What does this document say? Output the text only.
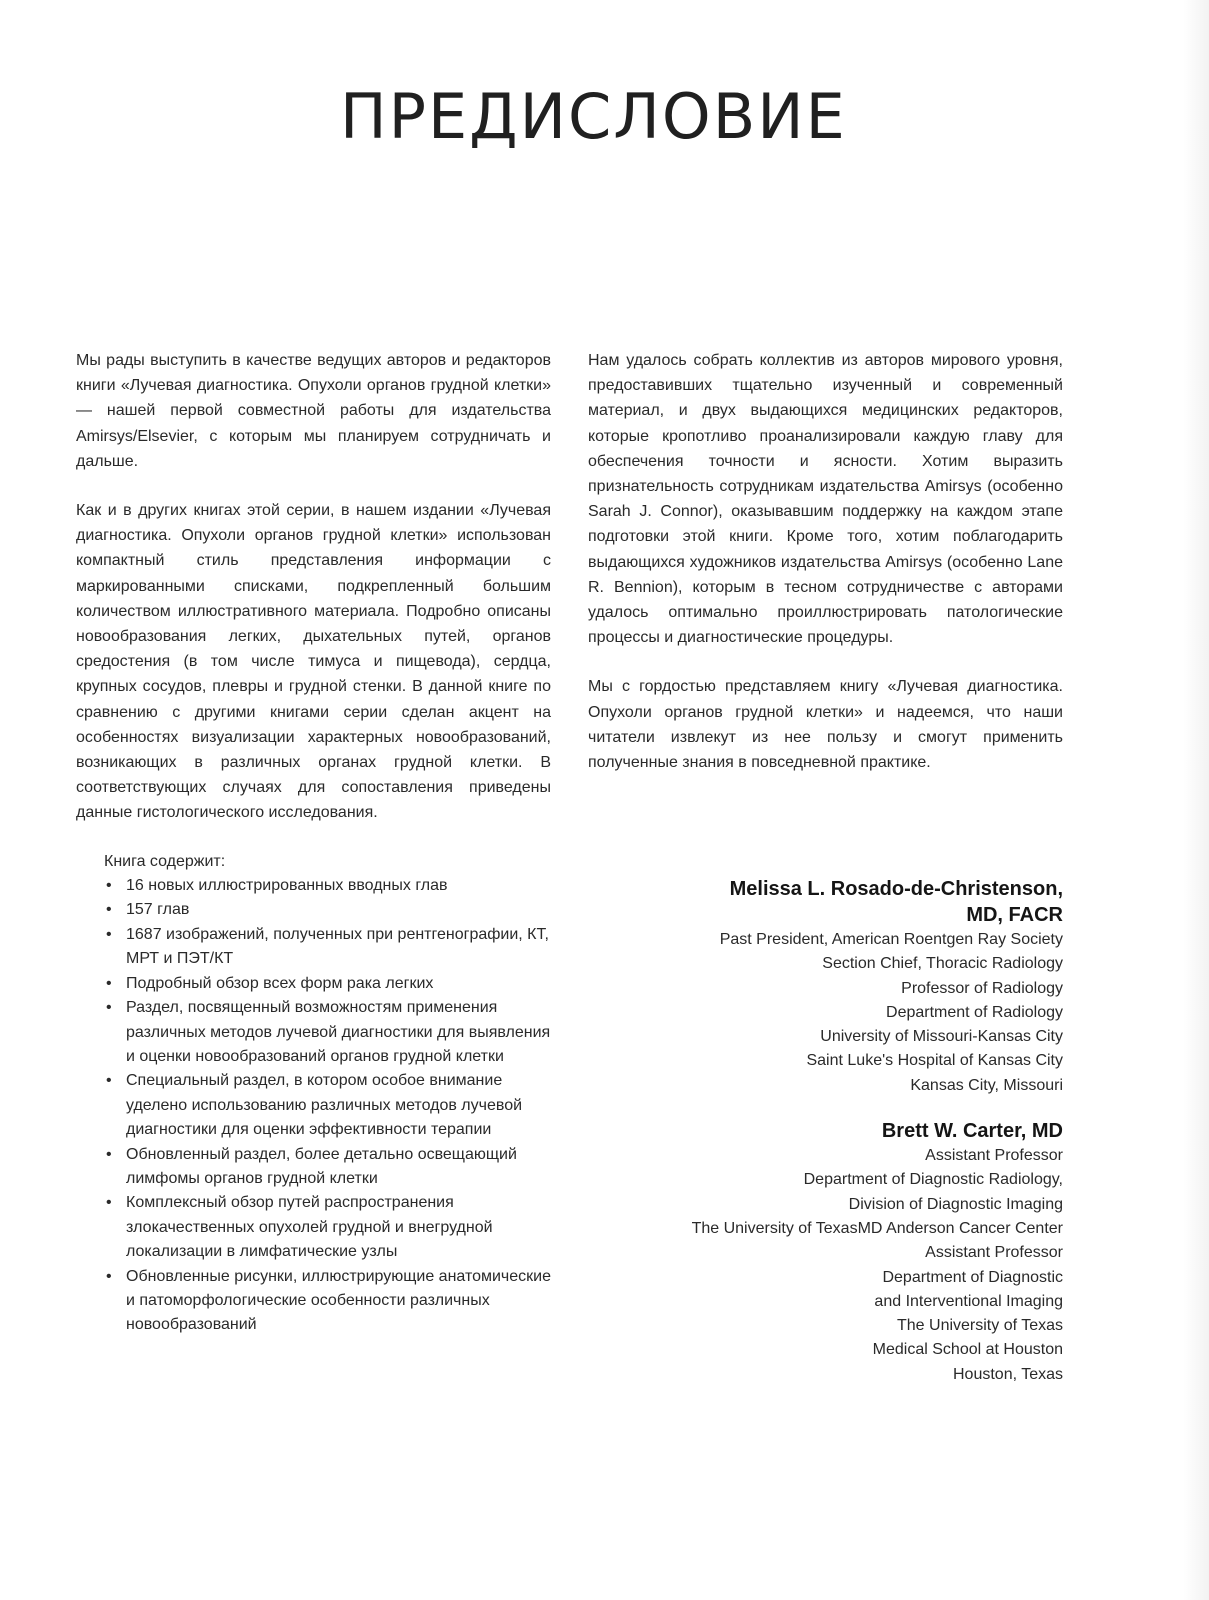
ПРЕДИСЛОВИЕ

Мы рады выступить в качестве ведущих авторов и редакторов книги «Лучевая диагностика. Опухоли органов грудной клетки» — нашей первой совместной работы для издательства Amirsys/Elsevier, с которым мы планируем сотрудничать и дальше.

Как и в других книгах этой серии, в нашем издании «Лучевая диагностика. Опухоли органов грудной клетки» использован компактный стиль представления информации с маркированными списками, подкрепленный большим количеством иллюстративного материала. Подробно описаны новообразования легких, дыхательных путей, органов средостения (в том числе тимуса и пищевода), сердца, крупных сосудов, плевры и грудной стенки. В данной книге по сравнению с другими книгами серии сделан акцент на особенностях визуализации характерных новообразований, возникающих в различных органах грудной клетки. В соответствующих случаях для сопоставления приведены данные гистологического исследования.

Книга содержит:
• 16 новых иллюстрированных вводных глав
• 157 глав
• 1687 изображений, полученных при рентгенографии, КТ, МРТ и ПЭТ/КТ
• Подробный обзор всех форм рака легких
• Раздел, посвященный возможностям применения различных методов лучевой диагностики для выявления и оценки новообразований органов грудной клетки
• Специальный раздел, в котором особое внимание уделено использованию различных методов лучевой диагностики для оценки эффективности терапии
• Обновленный раздел, более детально освещающий лимфомы органов грудной клетки
• Комплексный обзор путей распространения злокачественных опухолей грудной и внегрудной локализации в лимфатические узлы
• Обновленные рисунки, иллюстрирующие анатомические и патоморфологические особенности различных новообразований

Нам удалось собрать коллектив из авторов мирового уровня, предоставивших тщательно изученный и современный материал, и двух выдающихся медицинских редакторов, которые кропотливо проанализировали каждую главу для обеспечения точности и ясности. Хотим выразить признательность сотрудникам издательства Amirsys (особенно Sarah J. Connor), оказывавшим поддержку на каждом этапе подготовки этой книги. Кроме того, хотим поблагодарить выдающихся художников издательства Amirsys (особенно Lane R. Bennion), которым в тесном сотрудничестве с авторами удалось оптимально проиллюстрировать патологические процессы и диагностические процедуры.

Мы с гордостью представляем книгу «Лучевая диагностика. Опухоли органов грудной клетки» и надеемся, что наши читатели извлекут из нее пользу и смогут применить полученные знания в повседневной практике.

Melissa L. Rosado-de-Christenson,
MD, FACR
Past President, American Roentgen Ray Society
Section Chief, Thoracic Radiology
Professor of Radiology
Department of Radiology
University of Missouri-Kansas City
Saint Luke's Hospital of Kansas City
Kansas City, Missouri
Brett W. Carter, MD
Assistant Professor
Department of Diagnostic Radiology,
Division of Diagnostic Imaging
The University of TexasMD Anderson Cancer Center
Assistant Professor
Department of Diagnostic
and Interventional Imaging
The University of Texas
Medical School at Houston
Houston, Texas
